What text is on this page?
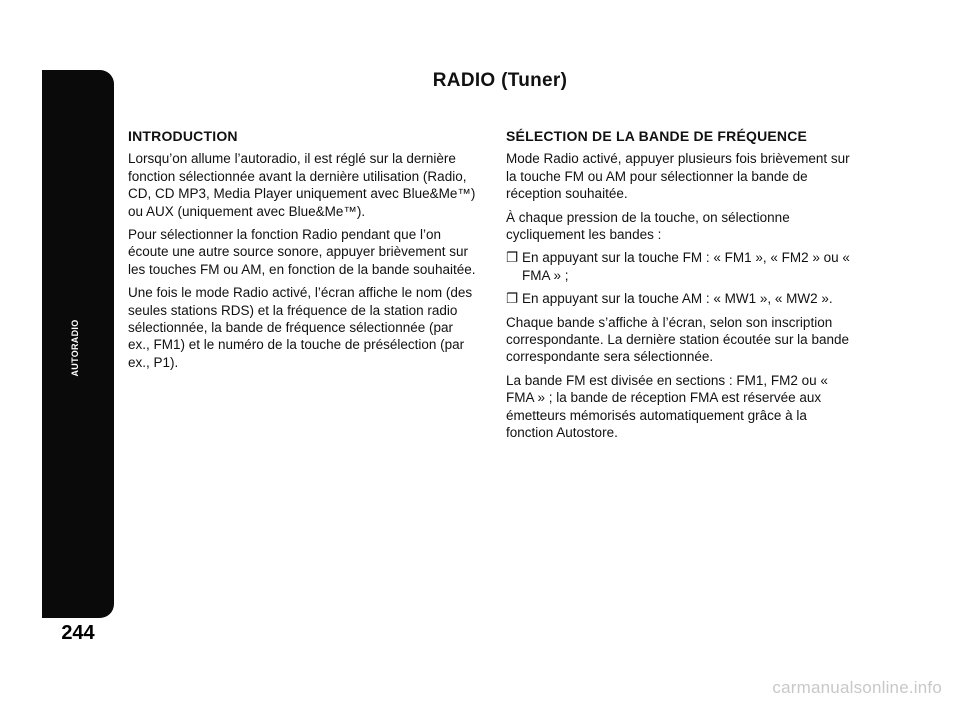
AUTORADIO
244
RADIO (Tuner)
INTRODUCTION

Lorsqu’on allume l’autoradio, il est réglé sur la dernière fonction sélectionnée avant la dernière utilisation (Radio, CD, CD MP3, Media Player uniquement avec Blue&Me™) ou AUX (uniquement avec Blue&Me™).

Pour sélectionner la fonction Radio pendant que l’on écoute une autre source sonore, appuyer brièvement sur les touches FM ou AM, en fonction de la bande souhaitée.

Une fois le mode Radio activé, l’écran affiche le nom (des seules stations RDS) et la fréquence de la station radio sélectionnée, la bande de fréquence sélectionnée (par ex., FM1) et le numéro de la touche de présélection (par ex., P1).

SÉLECTION DE LA BANDE DE FRÉQUENCE

Mode Radio activé, appuyer plusieurs fois brièvement sur la touche FM ou AM pour sélectionner la bande de réception souhaitée.

À chaque pression de la touche, on sélectionne cycliquement les bandes :

❐ En appuyant sur la touche FM : « FM1 », « FM2 » ou « FMA » ;

❐ En appuyant sur la touche AM : « MW1 », « MW2 ».

Chaque bande s’affiche à l’écran, selon son inscription correspondante. La dernière station écoutée sur la bande correspondante sera sélectionnée.

La bande FM est divisée en sections : FM1, FM2 ou « FMA » ; la bande de réception FMA est réservée aux émetteurs mémorisés automatiquement grâce à la fonction Autostore.

carmanualsonline.info
